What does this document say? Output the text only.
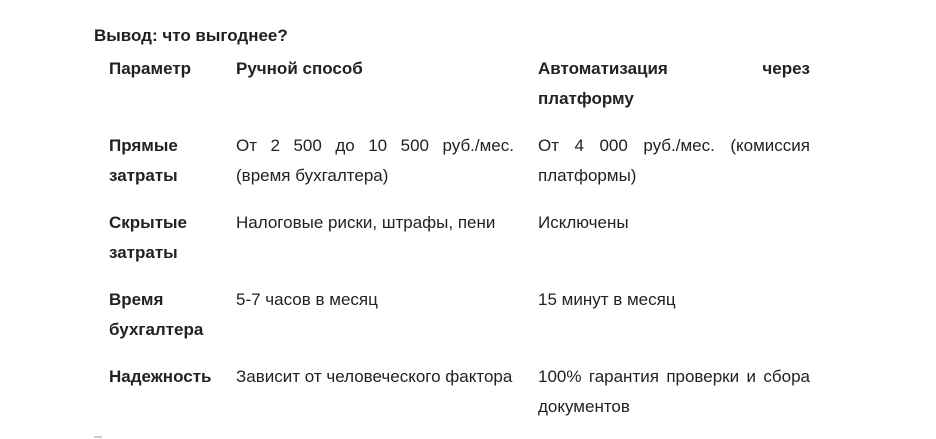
Вывод: что выгоднее?
Параметр	Ручной способ	Автоматизация через платформу
Прямые затраты	От 2 500 до 10 500 руб./мес. (время бухгалтера)	От 4 000 руб./мес. (комиссия платформы)
Скрытые затраты	Налоговые риски, штрафы, пени	Исключены
Время бухгалтера	5-7 часов в месяц	15 минут в месяц
Надежность	Зависит от человеческого фактора	100% гарантия проверки и сбора документов
